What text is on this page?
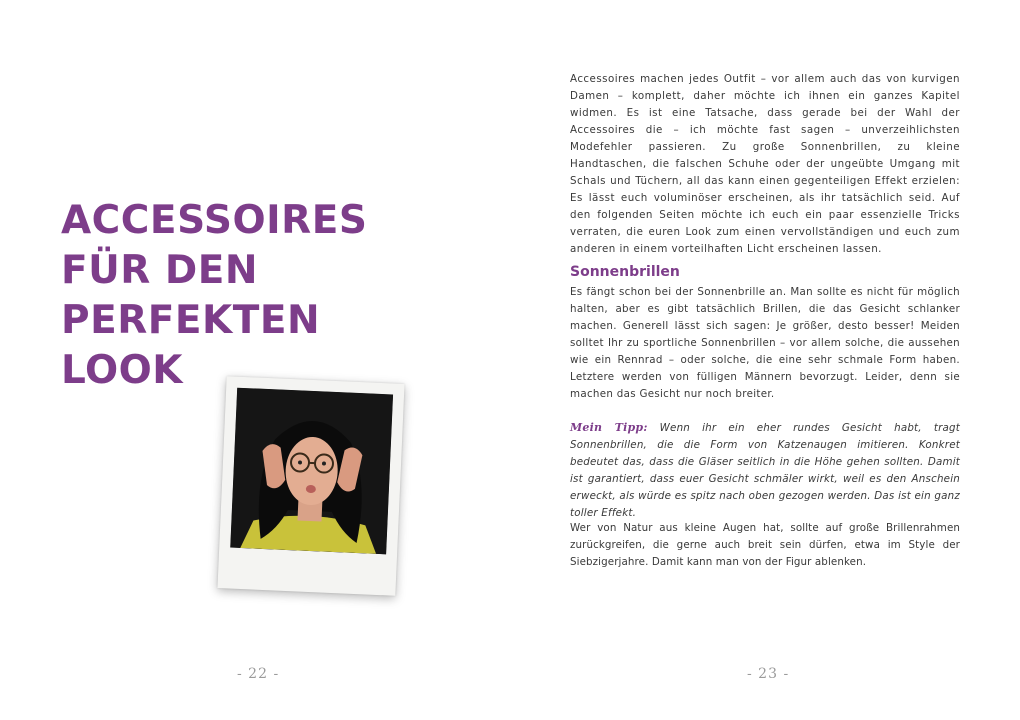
ACCESSOIRES
FÜR DEN
PERFEKTEN
LOOK
- 22 -

Accessoires machen jedes Outfit – vor allem auch das von kurvigen Damen – komplett, daher möchte ich ihnen ein ganzes Kapitel widmen. Es ist eine Tatsache, dass gerade bei der Wahl der Accessoires die – ich möchte fast sagen – unverzeihlichsten Modefehler passieren. Zu große Sonnenbrillen, zu kleine Handtaschen, die falschen Schuhe oder der ungeübte Umgang mit Schals und Tüchern, all das kann einen gegenteiligen Effekt erzielen: Es lässt euch voluminöser erscheinen, als ihr tatsächlich seid. Auf den folgenden Seiten möchte ich euch ein paar essenzielle Tricks verraten, die euren Look zum einen vervollständigen und euch zum anderen in einem vorteilhaften Licht erscheinen lassen.

Sonnenbrillen

Es fängt schon bei der Sonnenbrille an. Man sollte es nicht für möglich halten, aber es gibt tatsächlich Brillen, die das Gesicht schlanker machen. Generell lässt sich sagen: Je größer, desto besser! Meiden solltet Ihr zu sportliche Sonnenbrillen – vor allem solche, die aussehen wie ein Rennrad – oder solche, die eine sehr schmale Form haben. Letztere werden von fülligen Männern bevorzugt. Leider, denn sie machen das Gesicht nur noch breiter.

Mein Tipp: Wenn ihr ein eher rundes Gesicht habt, tragt Sonnenbrillen, die die Form von Katzenaugen imitieren. Konkret bedeutet das, dass die Gläser seitlich in die Höhe gehen sollten. Damit ist garantiert, dass euer Gesicht schmäler wirkt, weil es den Anschein erweckt, als würde es spitz nach oben gezogen werden. Das ist ein ganz toller Effekt.

Wer von Natur aus kleine Augen hat, sollte auf große Brillenrahmen zurückgreifen, die gerne auch breit sein dürfen, etwa im Style der Siebzigerjahre. Damit kann man von der Figur ablenken.

- 23 -
